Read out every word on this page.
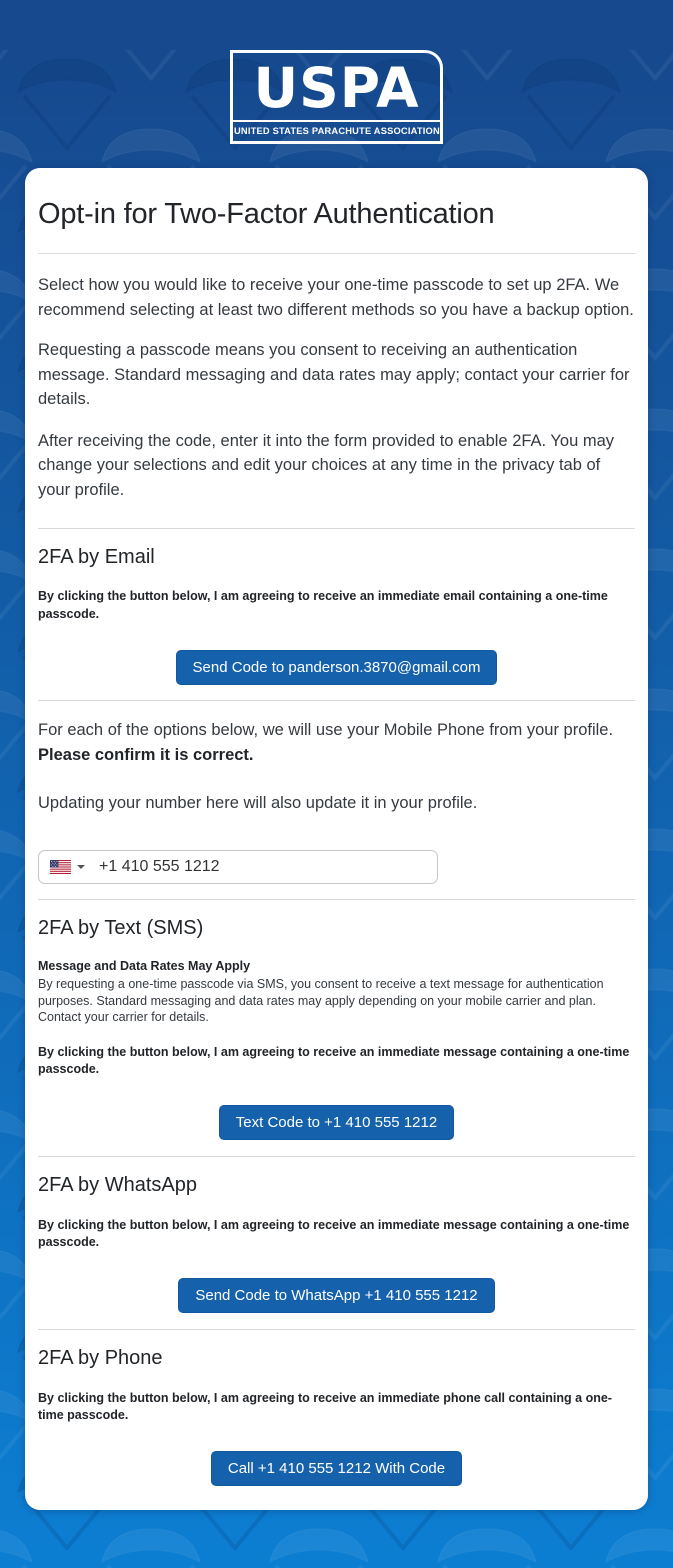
USPA
UNITED STATES PARACHUTE ASSOCIATION
Opt-in for Two-Factor Authentication

Select how you would like to receive your one-time passcode to set up 2FA. We recommend selecting at least two different methods so you have a backup option.

Requesting a passcode means you consent to receiving an authentication message. Standard messaging and data rates may apply; contact your carrier for details.

After receiving the code, enter it into the form provided to enable 2FA. You may change your selections and edit your choices at any time in the privacy tab of your profile.

2FA by Email

By clicking the button below, I am agreeing to receive an immediate email containing a one-time passcode.

Send Code to panderson.3870@gmail.com

For each of the options below, we will use your Mobile Phone from your profile. Please confirm it is correct.

Updating your number here will also update it in your profile.

+1 410 555 1212
2FA by Text (SMS)

Message and Data Rates May Apply

By requesting a one-time passcode via SMS, you consent to receive a text message for authentication purposes. Standard messaging and data rates may apply depending on your mobile carrier and plan. Contact your carrier for details.

By clicking the button below, I am agreeing to receive an immediate message containing a one-time passcode.

Text Code to +1 410 555 1212
2FA by WhatsApp

By clicking the button below, I am agreeing to receive an immediate message containing a one-time passcode.

Send Code to WhatsApp +1 410 555 1212
2FA by Phone

By clicking the button below, I am agreeing to receive an immediate phone call containing a one-time passcode.

Call +1 410 555 1212 With Code
